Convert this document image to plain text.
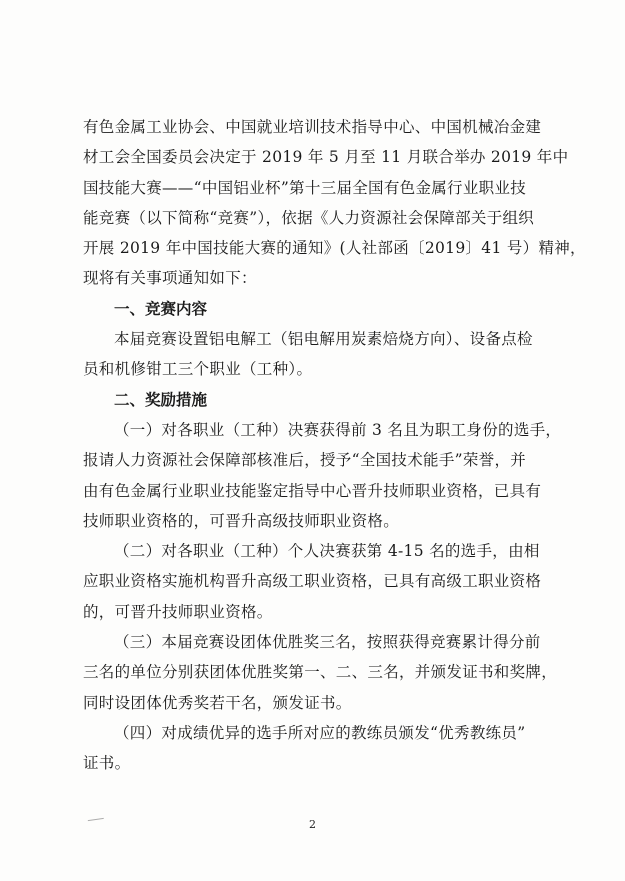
有色金属工业协会、中国就业培训技术指导中心、中国机械冶金建
材工会全国委员会决定于 2019 年 5 月至 11 月联合举办 2019 年中
国技能大赛——“中国铝业杯”第十三届全国有色金属行业职业技
能竞赛（以下简称“竞赛”），依据《人力资源社会保障部关于组织
开展 2019 年中国技能大赛的通知》(人社部函〔2019〕41 号）精神，
现将有关事项通知如下：
一、竞赛内容
本届竞赛设置铝电解工（铝电解用炭素焙烧方向）、设备点检
员和机修钳工三个职业（工种）。
二、奖励措施
（一）对各职业（工种）决赛获得前 3 名且为职工身份的选手，
报请人力资源社会保障部核准后，授予“全国技术能手”荣誉，并
由有色金属行业职业技能鉴定指导中心晋升技师职业资格，已具有
技师职业资格的，可晋升高级技师职业资格。
（二）对各职业（工种）个人决赛获第 4-15 名的选手，由相
应职业资格实施机构晋升高级工职业资格，已具有高级工职业资格
的，可晋升技师职业资格。
（三）本届竞赛设团体优胜奖三名，按照获得竞赛累计得分前
三名的单位分别获团体优胜奖第一、二、三名，并颁发证书和奖牌，
同时设团体优秀奖若干名，颁发证书。
（四）对成绩优异的选手所对应的教练员颁发“优秀教练员”
证书。
2
